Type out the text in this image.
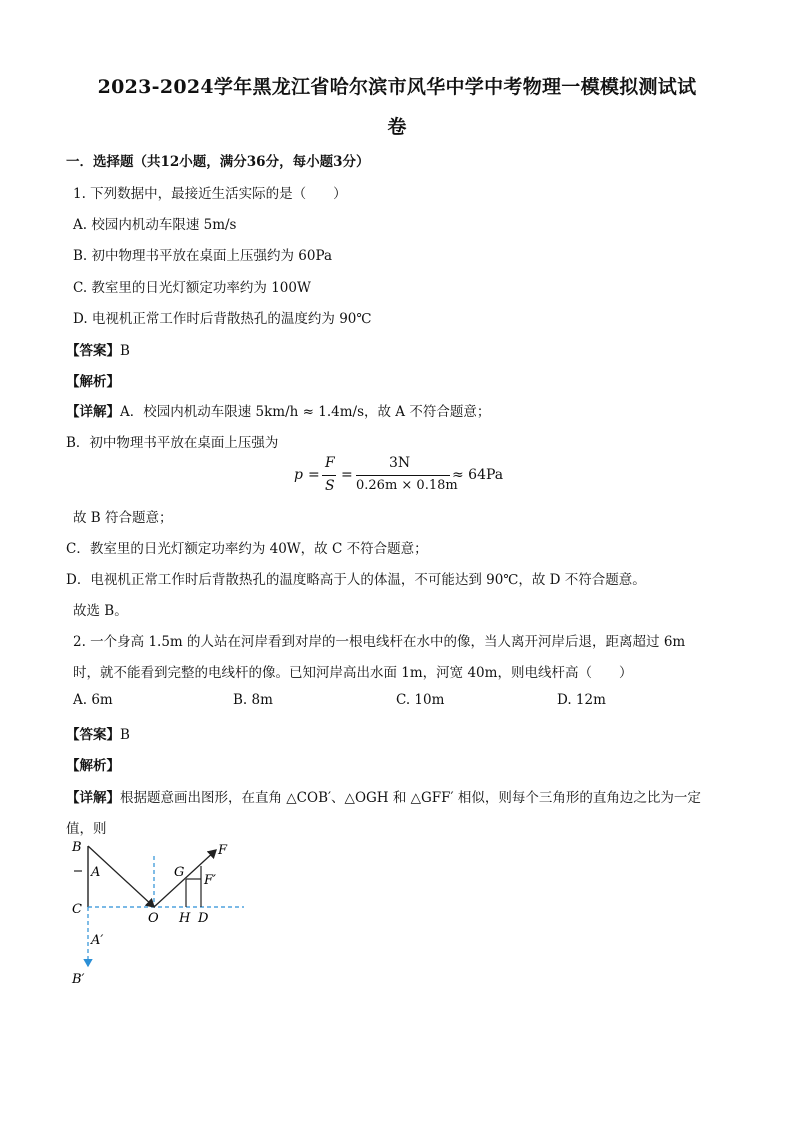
2023-2024学年黑龙江省哈尔滨市风华中学中考物理一模模拟测试试
卷
一．选择题（共12小题，满分36分，每小题3分）
1. 下列数据中，最接近生活实际的是（　　）
A. 校园内机动车限速 5m/s
B. 初中物理书平放在桌面上压强约为 60Pa
C. 教室里的日光灯额定功率约为 100W
D. 电视机正常工作时后背散热孔的温度约为 90℃
【答案】B
【解析】
【详解】A．校园内机动车限速 5km/h ≈ 1.4m/s，故 A 不符合题意；
B．初中物理书平放在桌面上压强为
p =
F
S
=
3N
0.26m × 0.18m
≈ 64Pa
故 B 符合题意；
C．教室里的日光灯额定功率约为 40W，故 C 不符合题意；
D．电视机正常工作时后背散热孔的温度略高于人的体温，不可能达到 90℃，故 D 不符合题意。
故选 B。
2. 一个身高 1.5m 的人站在河岸看到对岸的一根电线杆在水中的像，当人离开河岸后退，距离超过 6m
时，就不能看到完整的电线杆的像。已知河岸高出水面 1m，河宽 40m，则电线杆高（　　）
A. 6m	B. 8m	C. 10m	D. 12m
【答案】B
【解析】
【详解】根据题意画出图形，在直角 △COB′、△OGH 和 △GFF′ 相似，则每个三角形的直角边之比为一定
值，则
B
A
C
O
G
F
F′
H D
A′
B′
